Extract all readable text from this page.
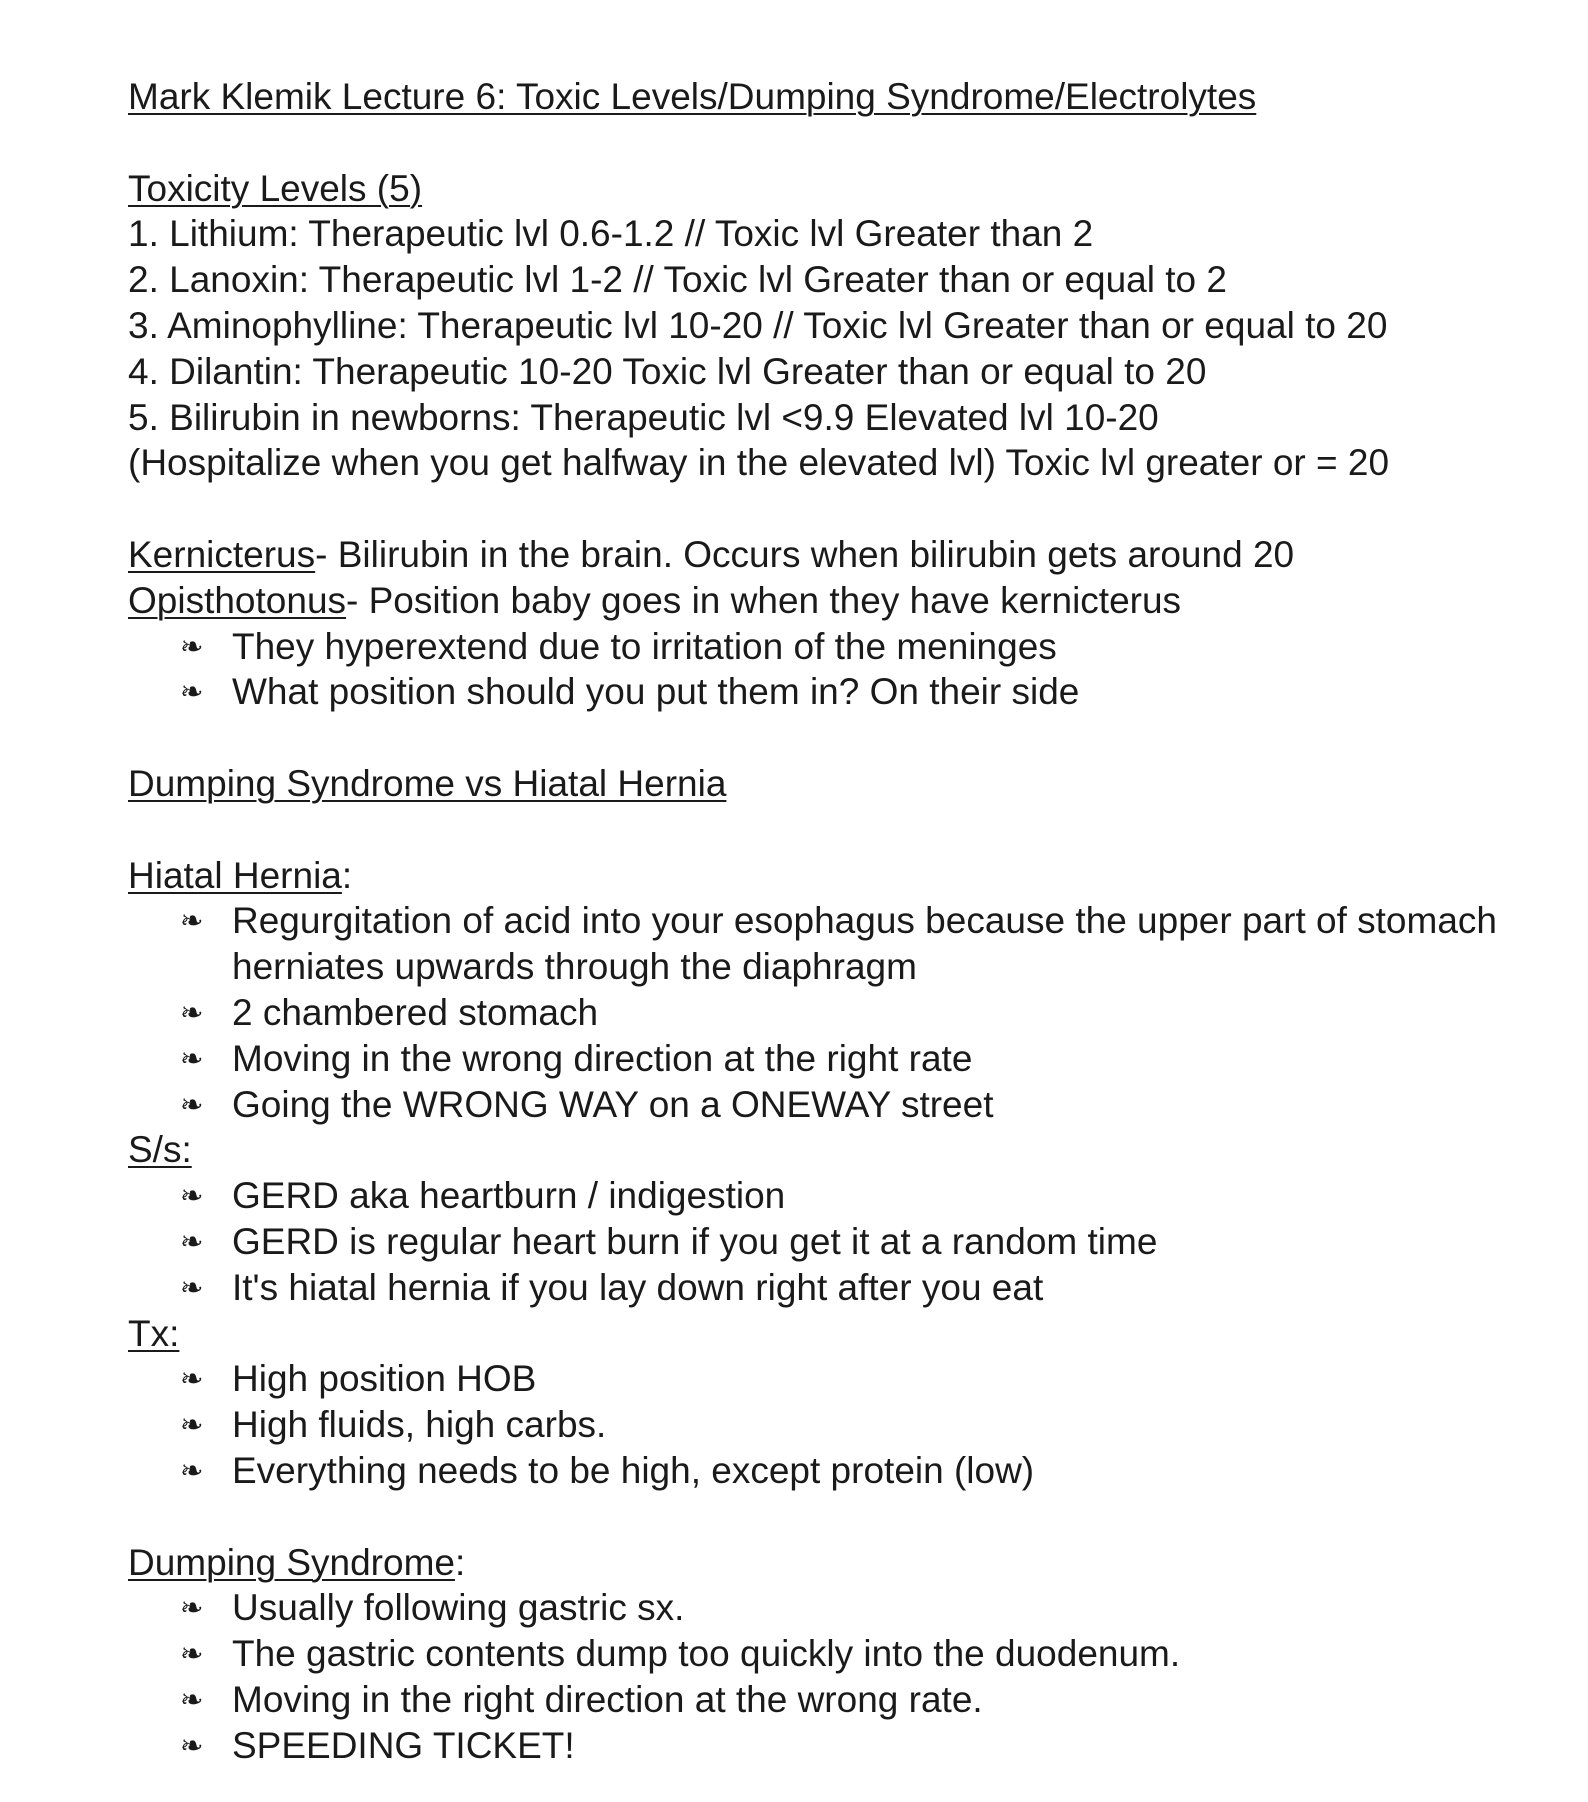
Mark Klemik Lecture 6: Toxic Levels/Dumping Syndrome/Electrolytes
Toxicity Levels (5)
1. Lithium: Therapeutic lvl 0.6-1.2 // Toxic lvl Greater than 2
2. Lanoxin: Therapeutic lvl 1-2 // Toxic lvl Greater than or equal to 2
3. Aminophylline: Therapeutic lvl 10-20 // Toxic lvl Greater than or equal to 20
4. Dilantin: Therapeutic 10-20 Toxic lvl Greater than or equal to 20
5. Bilirubin in newborns: Therapeutic lvl <9.9 Elevated lvl 10-20
(Hospitalize when you get halfway in the elevated lvl) Toxic lvl greater or = 20
Kernicterus- Bilirubin in the brain. Occurs when bilirubin gets around 20
Opisthotonus- Position baby goes in when they have kernicterus
❧ They hyperextend due to irritation of the meninges
❧ What position should you put them in? On their side
Dumping Syndrome vs Hiatal Hernia
Hiatal Hernia:
❧ Regurgitation of acid into your esophagus because the upper part of stomach herniates upwards through the diaphragm
❧ 2 chambered stomach
❧ Moving in the wrong direction at the right rate
❧ Going the WRONG WAY on a ONEWAY street
S/s:
❧ GERD aka heartburn / indigestion
❧ GERD is regular heart burn if you get it at a random time
❧ It's hiatal hernia if you lay down right after you eat
Tx:
❧ High position HOB
❧ High fluids, high carbs.
❧ Everything needs to be high, except protein (low)
Dumping Syndrome:
❧ Usually following gastric sx.
❧ The gastric contents dump too quickly into the duodenum.
❧ Moving in the right direction at the wrong rate.
❧ SPEEDING TICKET!
